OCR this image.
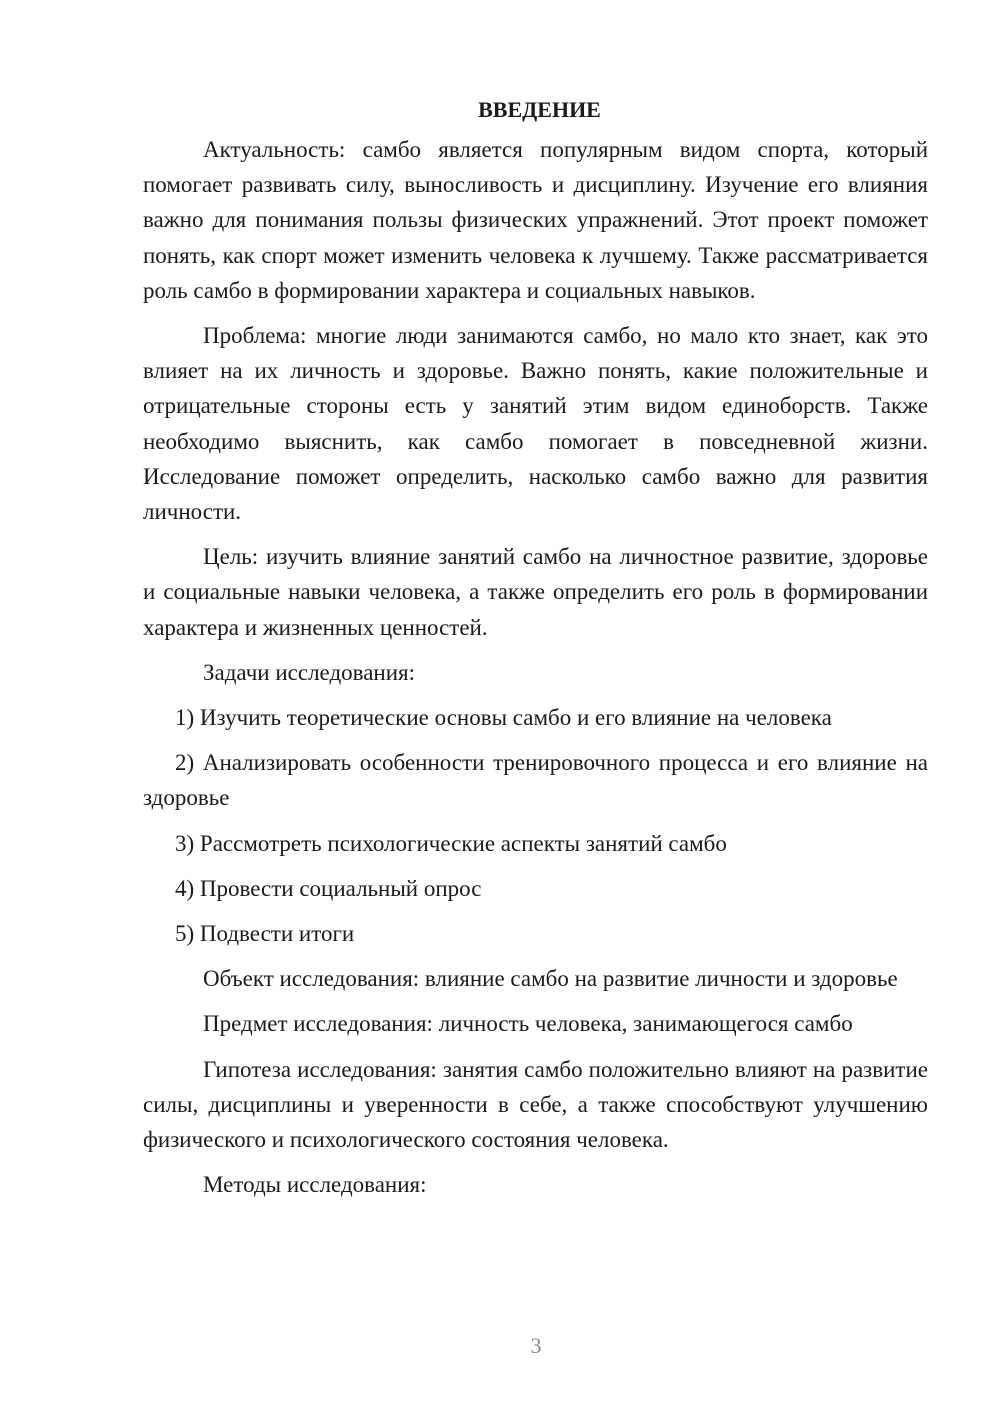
ВВЕДЕНИЕ

Актуальность: самбо является популярным видом спорта, который помогает развивать силу, выносливость и дисциплину. Изучение его влияния важно для понимания пользы физических упражнений. Этот проект поможет понять, как спорт может изменить человека к лучшему. Также рассматривается роль самбо в формировании характера и социальных навыков.

Проблема: многие люди занимаются самбо, но мало кто знает, как это влияет на их личность и здоровье. Важно понять, какие положительные и отрицательные стороны есть у занятий этим видом единоборств. Также необходимо выяснить, как самбо помогает в повседневной жизни. Исследование поможет определить, насколько самбо важно для развития личности.

Цель: изучить влияние занятий самбо на личностное развитие, здоровье и социальные навыки человека, а также определить его роль в формировании характера и жизненных ценностей.

Задачи исследования:

1) Изучить теоретические основы самбо и его влияние на человека

2) Анализировать особенности тренировочного процесса и его влияние на здоровье

3) Рассмотреть психологические аспекты занятий самбо

4) Провести социальный опрос

5) Подвести итоги

Объект исследования: влияние самбо на развитие личности и здоровье

Предмет исследования: личность человека, занимающегося самбо

Гипотеза исследования: занятия самбо положительно влияют на развитие силы, дисциплины и уверенности в себе, а также способствуют улучшению физического и психологического состояния человека.

Методы исследования:

3
